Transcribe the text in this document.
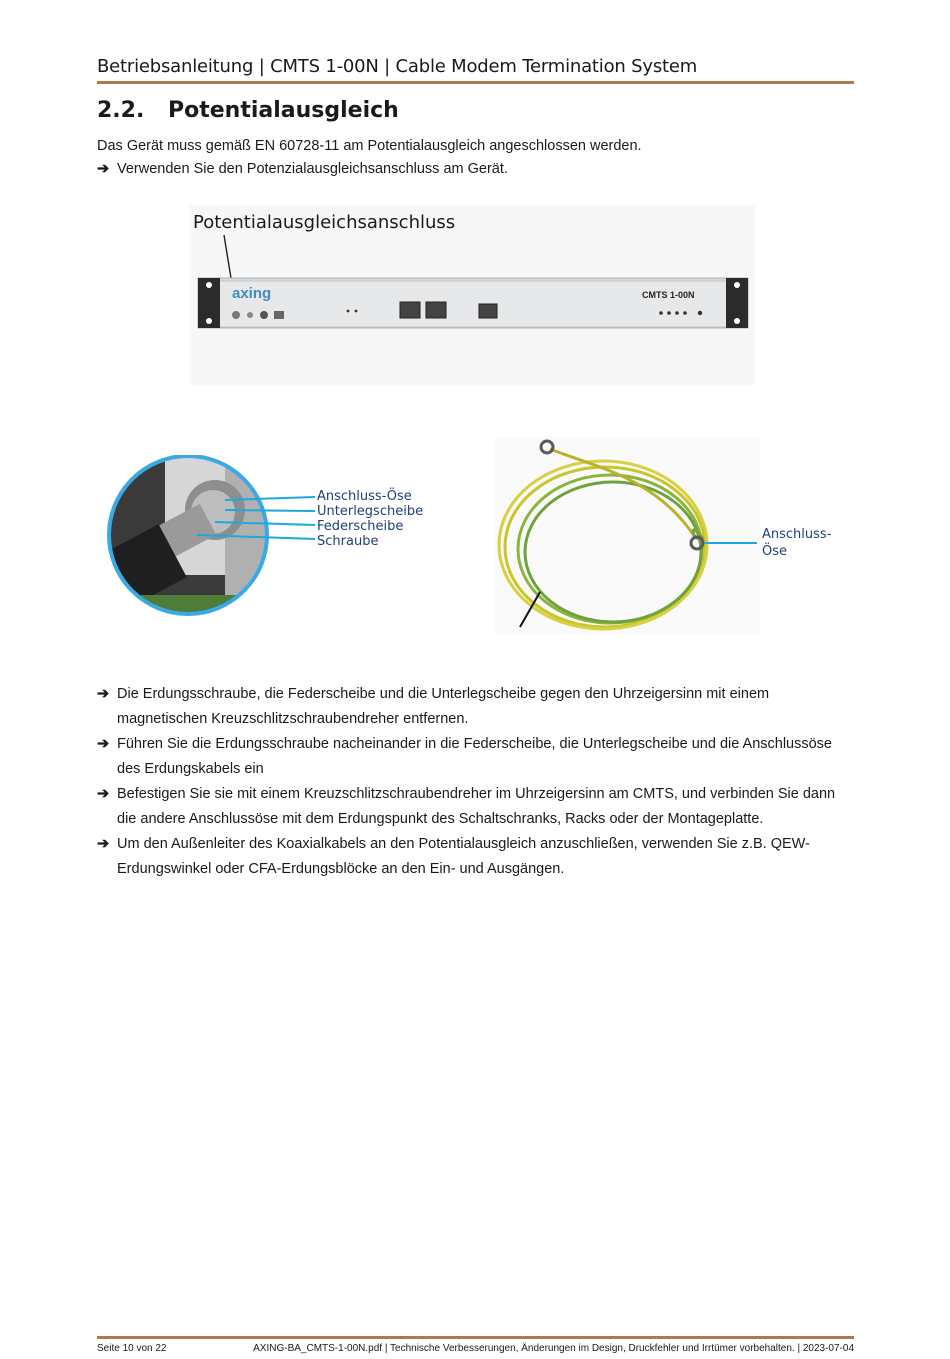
Betriebsanleitung | CMTS 1-00N | Cable Modem Termination System
2.2. Potentialausgleich
Das Gerät muss gemäß EN 60728-11 am Potentialausgleich angeschlossen werden.
➔ Verwenden Sie den Potenzialausgleichsanschluss am Gerät.
Potentialausgleichsanschluss
axing	CMTS 1-00N
Anschluss-Öse
Unterlegscheibe
Federscheibe
Schraube	Anschluss-
Öse
➔ Die Erdungsschraube, die Federscheibe und die Unterlegscheibe gegen den Uhrzeigersinn mit einem magnetischen Kreuzschlitzschraubendreher entfernen.
➔ Führen Sie die Erdungsschraube nacheinander in die Federscheibe, die Unterlegscheibe und die Anschlussöse des Erdungskabels ein
➔ Befestigen Sie sie mit einem Kreuzschlitzschraubendreher im Uhrzeigersinn am CMTS, und verbinden Sie dann die andere Anschlussöse mit dem Erdungspunkt des Schaltschranks, Racks oder der Montageplatte.
➔ Um den Außenleiter des Koaxialkabels an den Potentialausgleich anzuschließen, verwenden Sie z.B. QEW-Erdungswinkel oder CFA-Erdungsblöcke an den Ein- und Ausgängen.
Seite 10 von 22	AXING-BA_CMTS-1-00N.pdf | Technische Verbesserungen, Änderungen im Design, Druckfehler und Irrtümer vorbehalten. | 2023-07-04
